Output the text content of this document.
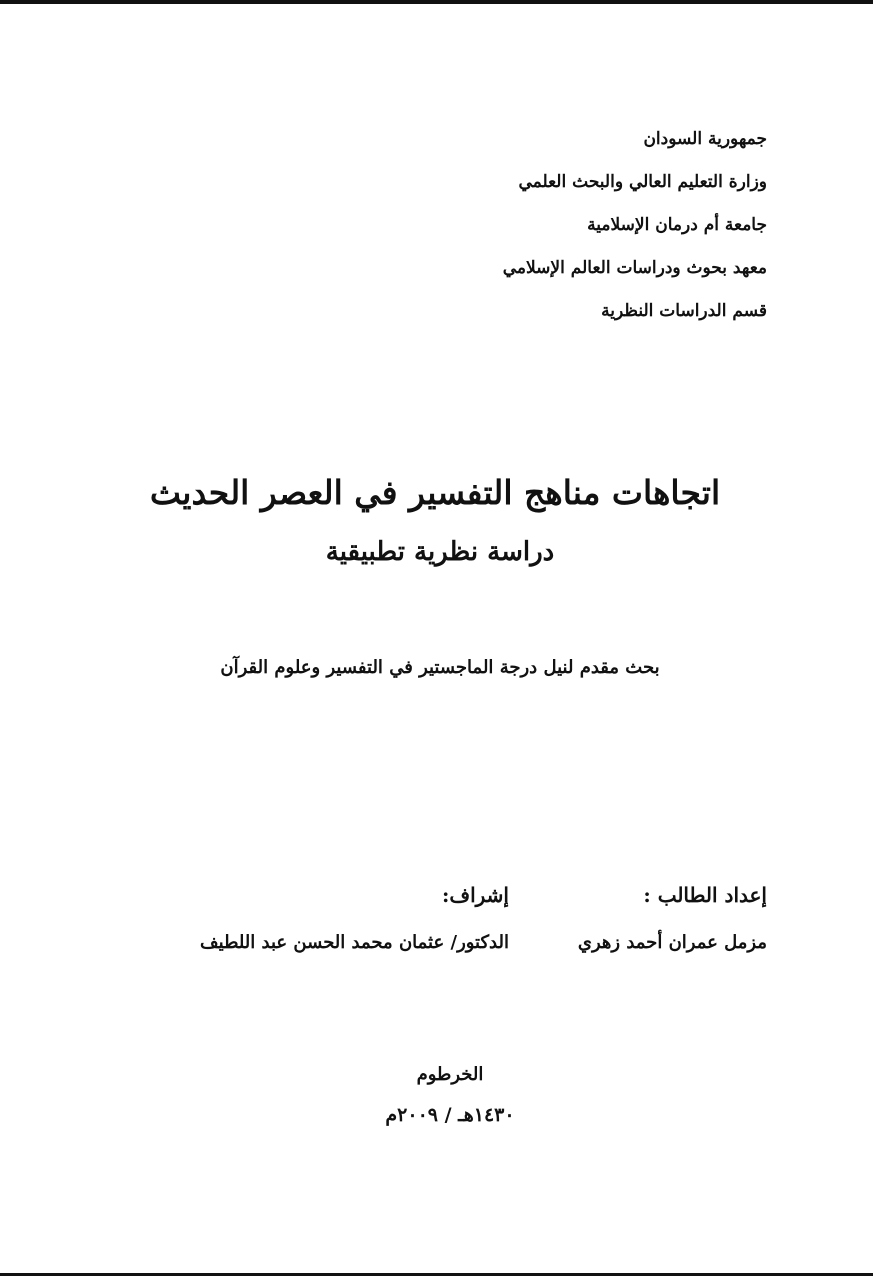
جمهورية السودان
وزارة التعليم العالي والبحث العلمي
جامعة أم درمان الإسلامية
معهد بحوث ودراسات العالم الإسلامي
قسم الدراسات النظرية
اتجاهات مناهج التفسير في العصر الحديث
دراسة نظرية تطبيقية
بحث مقدم لنيل درجة الماجستير في التفسير وعلوم القرآن
إعداد الطالب :
إشراف:
مزمل عمران أحمد زهري
الدكتور/ عثمان محمد الحسن عبد اللطيف
الخرطوم
١٤٣٠هـ / ٢٠٠٩م
